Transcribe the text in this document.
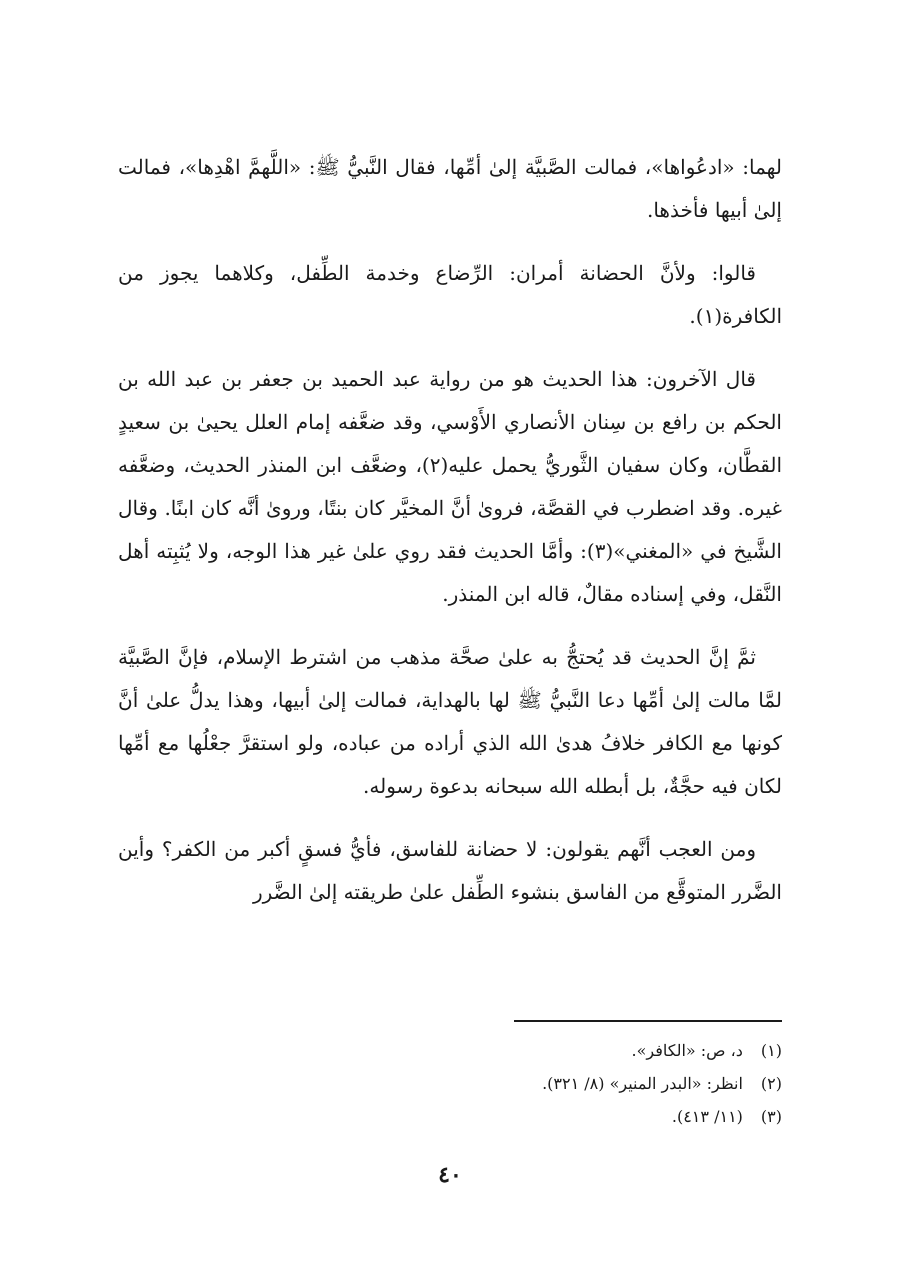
لهما: «ادعُواها»، فمالت الصَّبيَّة إلىٰ أمِّها، فقال النَّبيُّ ﷺ: «اللَّهمَّ اهْدِها»، فمالت إلىٰ أبيها فأخذها.

قالوا: ولأنَّ الحضانة أمران: الرِّضاع وخدمة الطِّفل، وكلاهما يجوز من الكافرة(١).

قال الآخرون: هذا الحديث هو من رواية عبد الحميد بن جعفر بن عبد الله بن الحكم بن رافع بن سِنان الأنصاري الأَوْسي، وقد ضعَّفه إمام العلل يحيىٰ بن سعيدٍ القطَّان، وكان سفيان الثَّوريُّ يحمل عليه(٢)، وضعَّف ابن المنذر الحديث، وضعَّفه غيره. وقد اضطرب في القصَّة، فرویٰ أنَّ المخيَّر كان بنتًا، وروىٰ أنَّه كان ابنًا. وقال الشَّيخ في «المغني»(٣): وأمَّا الحديث فقد روي علىٰ غير هذا الوجه، ولا يُثبِته أهل النَّقل، وفي إسناده مقالٌ، قاله ابن المنذر.

ثمَّ إنَّ الحديث قد يُحتجُّ به علىٰ صحَّة مذهب من اشترط الإسلام، فإنَّ الصَّبيَّة لمَّا مالت إلىٰ أمِّها دعا النَّبيُّ ﷺ لها بالهداية، فمالت إلىٰ أبيها، وهذا يدلُّ علىٰ أنَّ كونها مع الكافر خلافُ هدىٰ الله الذي أراده من عباده، ولو استقرَّ جعْلُها مع أمِّها لكان فيه حجَّةٌ، بل أبطله الله سبحانه بدعوة رسوله.

ومن العجب أنَّهم يقولون: لا حضانة للفاسق، فأيُّ فسقٍ أكبر من الكفر؟ وأين الضَّرر المتوقَّع من الفاسق بنشوء الطِّفل علىٰ طريقته إلىٰ الضَّرر

(١) د، ص: «الكافر».
(٢) انظر: «البدر المنير» (٨/ ٣٢١).
(٣) (١١/ ٤١٣).
٤٠
